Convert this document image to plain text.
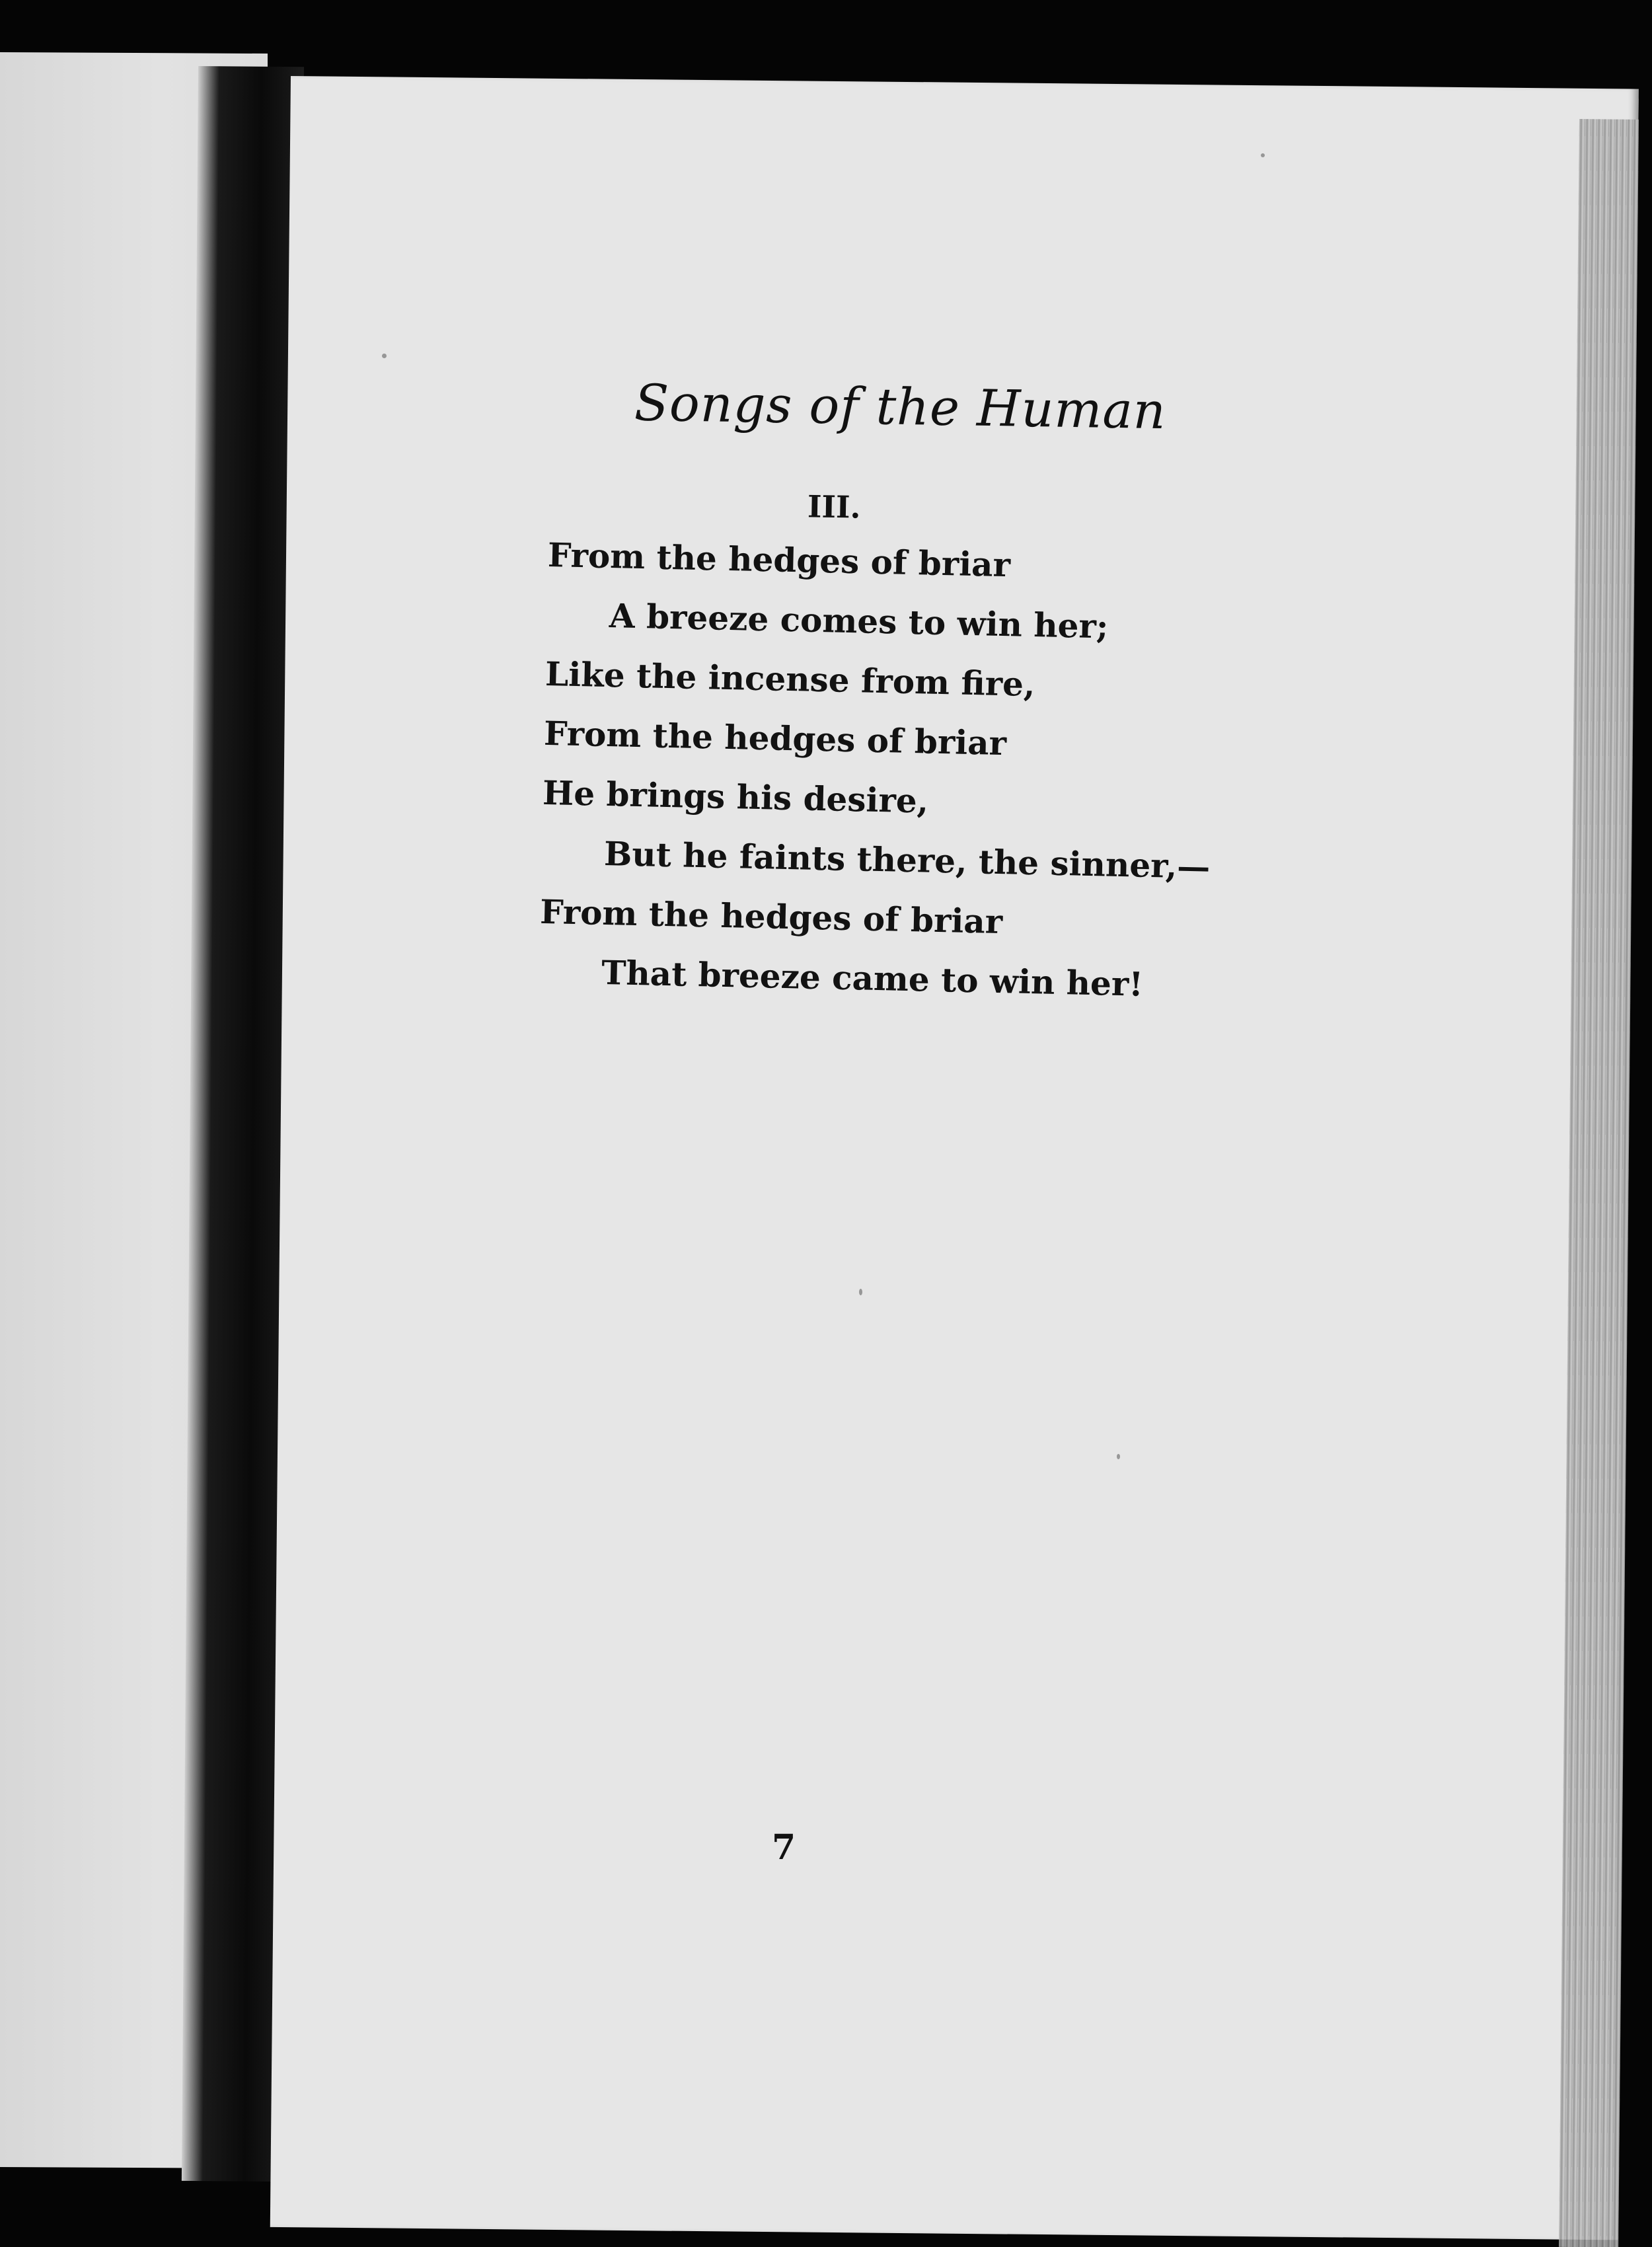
Songs of the Human
III.
From the hedges of briar
A breeze comes to win her;
Like the incense from fire,
From the hedges of briar
He brings his desire,
But he faints there, the sinner,—
From the hedges of briar
That breeze came to win her!
7
